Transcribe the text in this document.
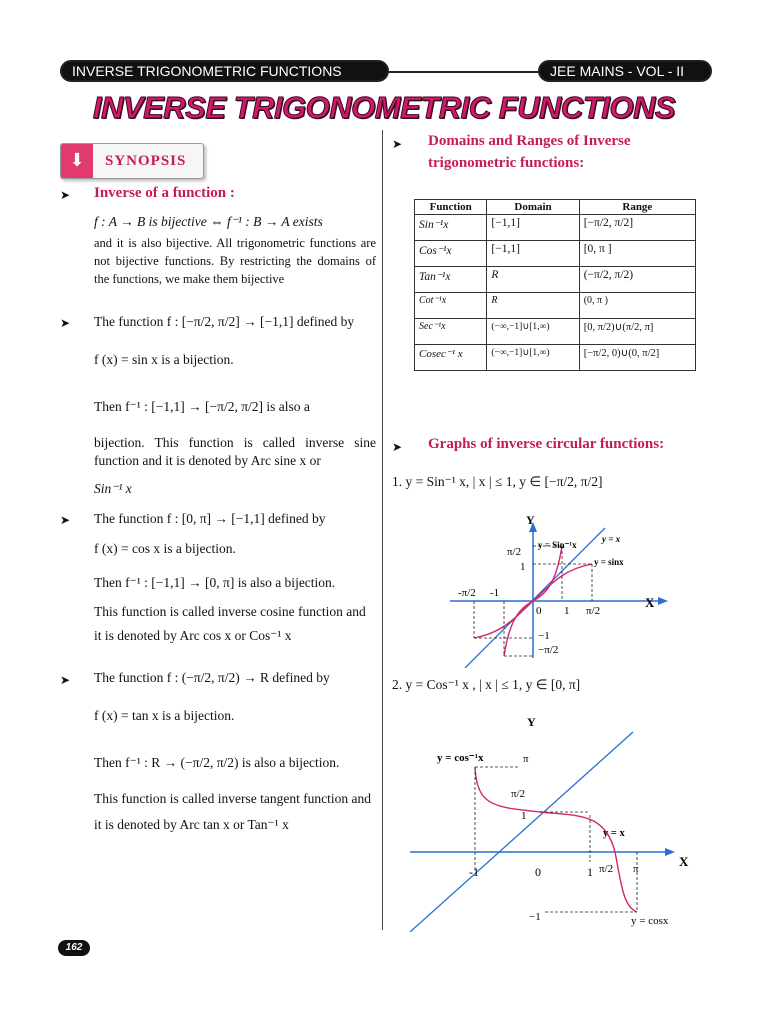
INVERSE TRIGONOMETRIC FUNCTIONS	JEE MAINS - VOL - II
INVERSE TRIGONOMETRIC FUNCTIONS
⬇	SYNOPSIS
➤ Inverse of a function :
f : A → B is bijective ⇔ f⁻¹ : B → A exists
and it is also bijective. All trigonometric functions are not bijective functions. By restricting the domains of the functions, we make them bijective
➤ The function f : [−π/2, π/2] → [−1,1] defined by
f (x) = sin x is a bijection.
Then f⁻¹ : [−1,1] → [−π/2, π/2] is also a
bijection. This function is called inverse sine function and it is denoted by Arc sine x or
Sin⁻¹ x
➤ The function f : [0, π] → [−1,1] defined by
f (x) = cos x is a bijection.
Then f⁻¹ : [−1,1] → [0, π] is also a bijection.
This function is called inverse cosine function and it is denoted by Arc cos x or Cos⁻¹ x
➤ The function f : (−π/2, π/2) → R defined by
f (x) = tan x is a bijection.
Then f⁻¹ : R → (−π/2, π/2) is also a bijection.
This function is called inverse tangent function and it is denoted by Arc tan x or Tan⁻¹ x
➤ Domains and Ranges of Inverse
trigonometric functions:
Function	Domain	Range
Sin⁻¹x	[−1,1]	[−π/2, π/2]
Cos⁻¹x	[−1,1]	[0, π ]
Tan⁻¹x	R	(−π/2, π/2)
Cot⁻¹x	R	(0, π )
Sec⁻¹x	(−∞,−1]∪[1,∞)	[0, π/2)∪(π/2, π]
Cosec⁻¹ x	(−∞,−1]∪[1,∞)	[−π/2, 0)∪(0, π/2]
➤ Graphs of inverse circular functions:
1. y = Sin⁻¹ x, | x | ≤ 1, y ∈ [−π/2, π/2]
Y
X
y = Sin⁻¹x
y = x
y = sinx
π/2
1
−1
−π/2
-π/2 -1
0 1 π/2
2. y = Cos⁻¹ x , | x | ≤ 1, y ∈ [0, π]
Y
X
y = cos⁻¹x
y = x
y = cosx
π
π/2
1
-1	0	1 π/2 π
−1
162
